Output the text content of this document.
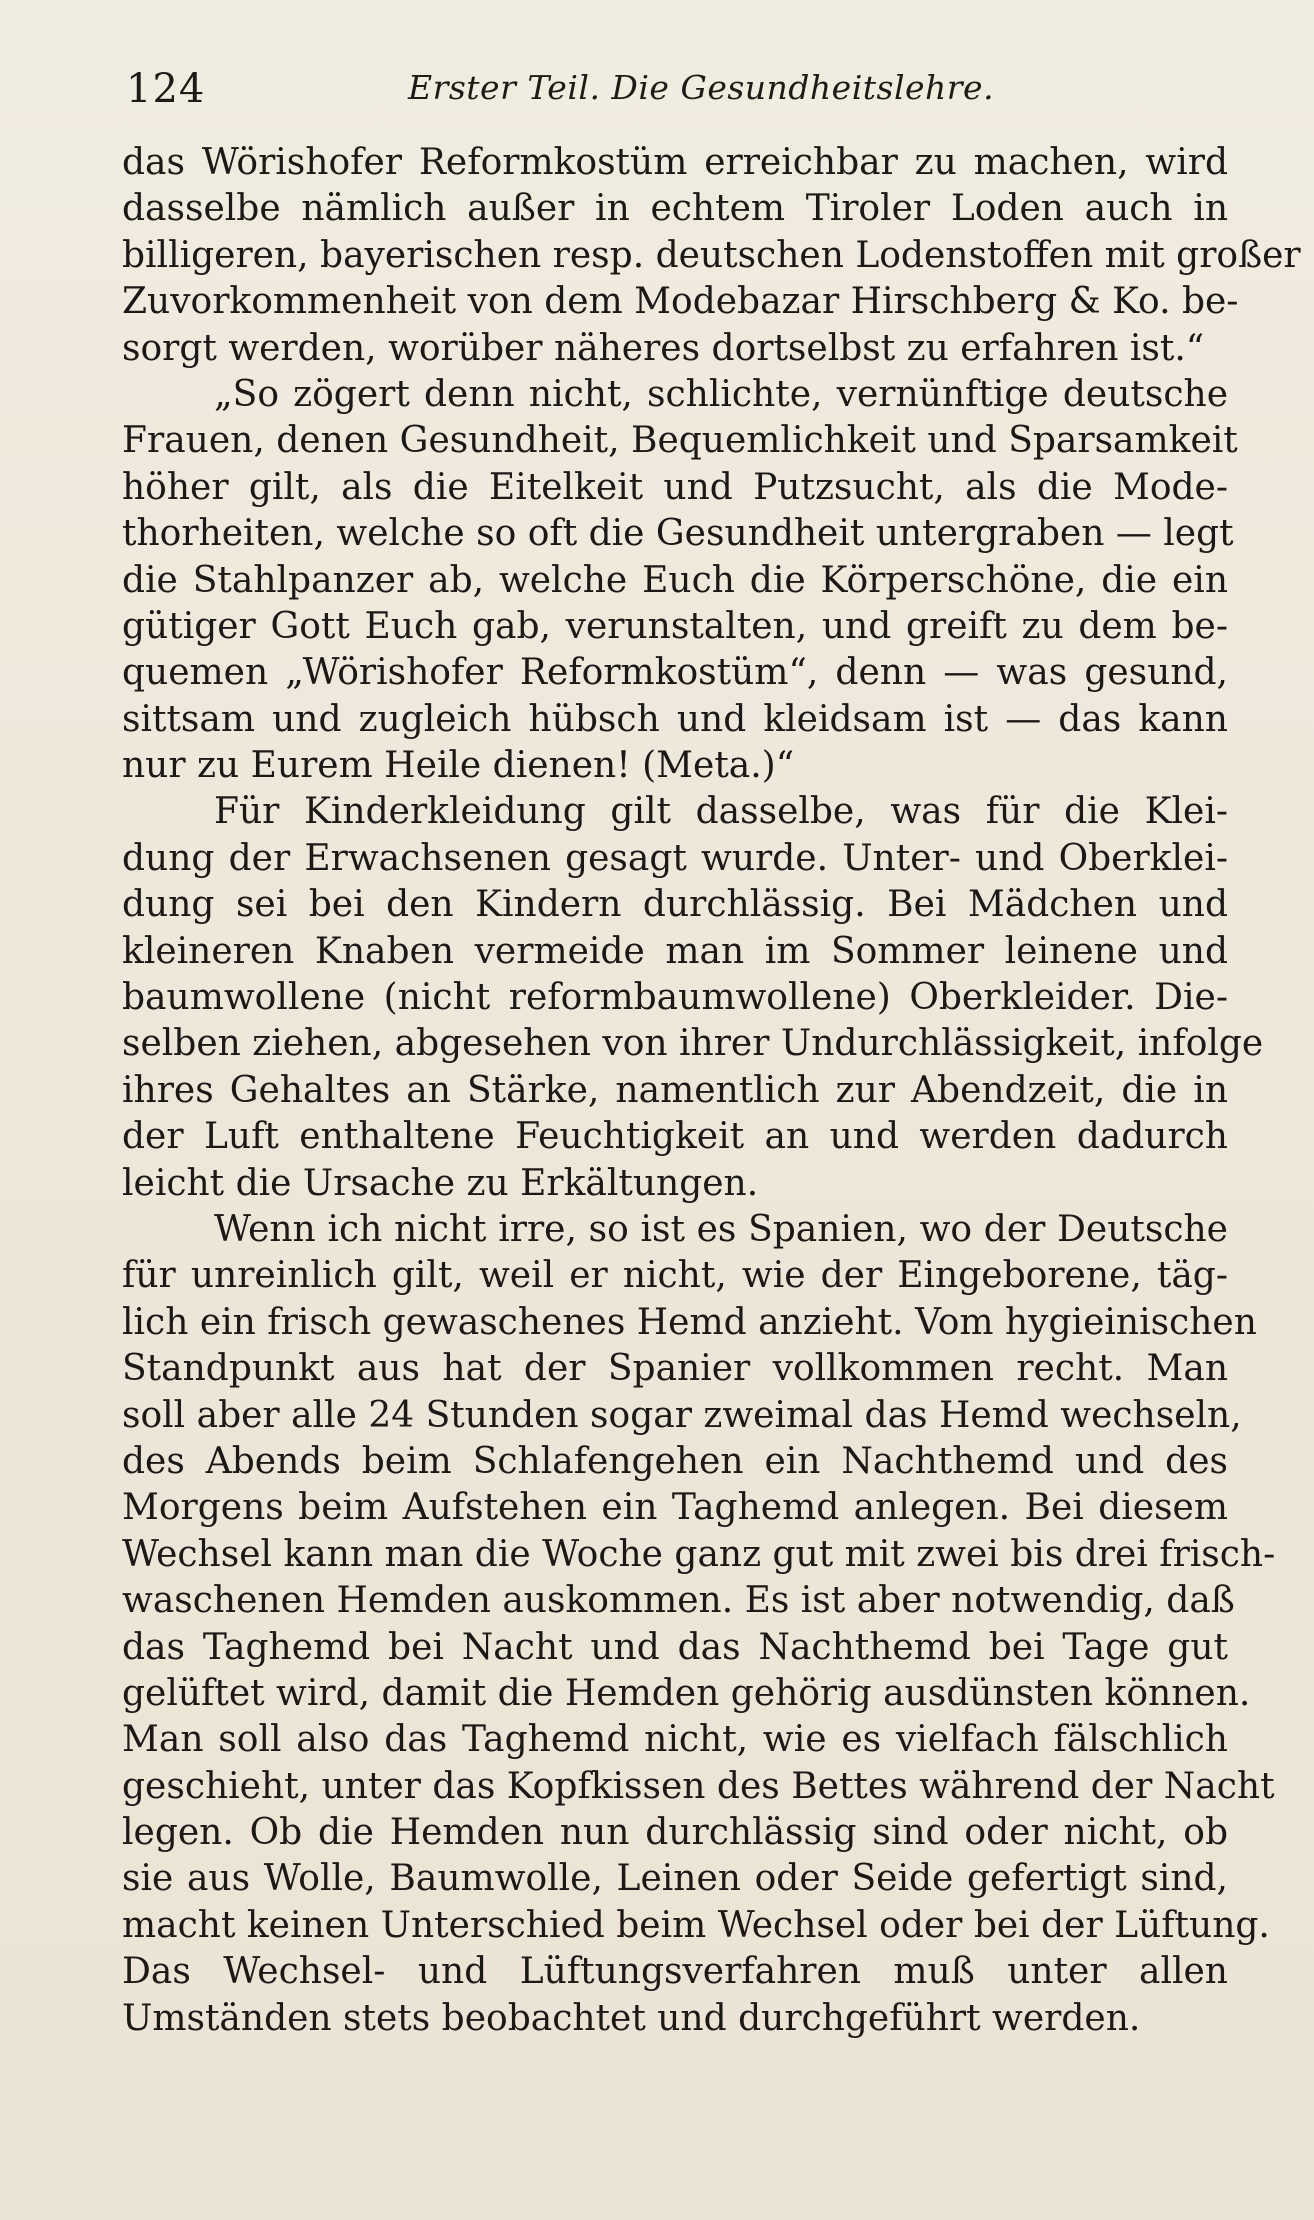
124	Erster Teil. Die Gesundheitslehre.
das Wörishofer Reformkostüm erreichbar zu machen, wird
dasselbe nämlich außer in echtem Tiroler Loden auch in
billigeren, bayerischen resp. deutschen Lodenstoffen mit großer
Zuvorkommenheit von dem Modebazar Hirschberg & Ko. be-
sorgt werden, worüber näheres dortselbst zu erfahren ist.“
„So zögert denn nicht, schlichte, vernünftige deutsche
Frauen, denen Gesundheit, Bequemlichkeit und Sparsamkeit
höher gilt, als die Eitelkeit und Putzsucht, als die Mode-
thorheiten, welche so oft die Gesundheit untergraben — legt
die Stahlpanzer ab, welche Euch die Körperschöne, die ein
gütiger Gott Euch gab, verunstalten, und greift zu dem be-
quemen „Wörishofer Reformkostüm“, denn — was gesund,
sittsam und zugleich hübsch und kleidsam ist — das kann
nur zu Eurem Heile dienen! (Meta.)“
Für Kinderkleidung gilt dasselbe, was für die Klei-
dung der Erwachsenen gesagt wurde. Unter- und Oberklei-
dung sei bei den Kindern durchlässig. Bei Mädchen und
kleineren Knaben vermeide man im Sommer leinene und
baumwollene (nicht reformbaumwollene) Oberkleider. Die-
selben ziehen, abgesehen von ihrer Undurchlässigkeit, infolge
ihres Gehaltes an Stärke, namentlich zur Abendzeit, die in
der Luft enthaltene Feuchtigkeit an und werden dadurch
leicht die Ursache zu Erkältungen.
Wenn ich nicht irre, so ist es Spanien, wo der Deutsche
für unreinlich gilt, weil er nicht, wie der Eingeborene, täg-
lich ein frisch gewaschenes Hemd anzieht. Vom hygieinischen
Standpunkt aus hat der Spanier vollkommen recht. Man
soll aber alle 24 Stunden sogar zweimal das Hemd wechseln,
des Abends beim Schlafengehen ein Nachthemd und des
Morgens beim Aufstehen ein Taghemd anlegen. Bei diesem
Wechsel kann man die Woche ganz gut mit zwei bis drei frisch-
waschenen Hemden auskommen. Es ist aber notwendig, daß
das Taghemd bei Nacht und das Nachthemd bei Tage gut
gelüftet wird, damit die Hemden gehörig ausdünsten können.
Man soll also das Taghemd nicht, wie es vielfach fälschlich
geschieht, unter das Kopfkissen des Bettes während der Nacht
legen. Ob die Hemden nun durchlässig sind oder nicht, ob
sie aus Wolle, Baumwolle, Leinen oder Seide gefertigt sind,
macht keinen Unterschied beim Wechsel oder bei der Lüftung.
Das Wechsel- und Lüftungsverfahren muß unter allen
Umständen stets beobachtet und durchgeführt werden.
